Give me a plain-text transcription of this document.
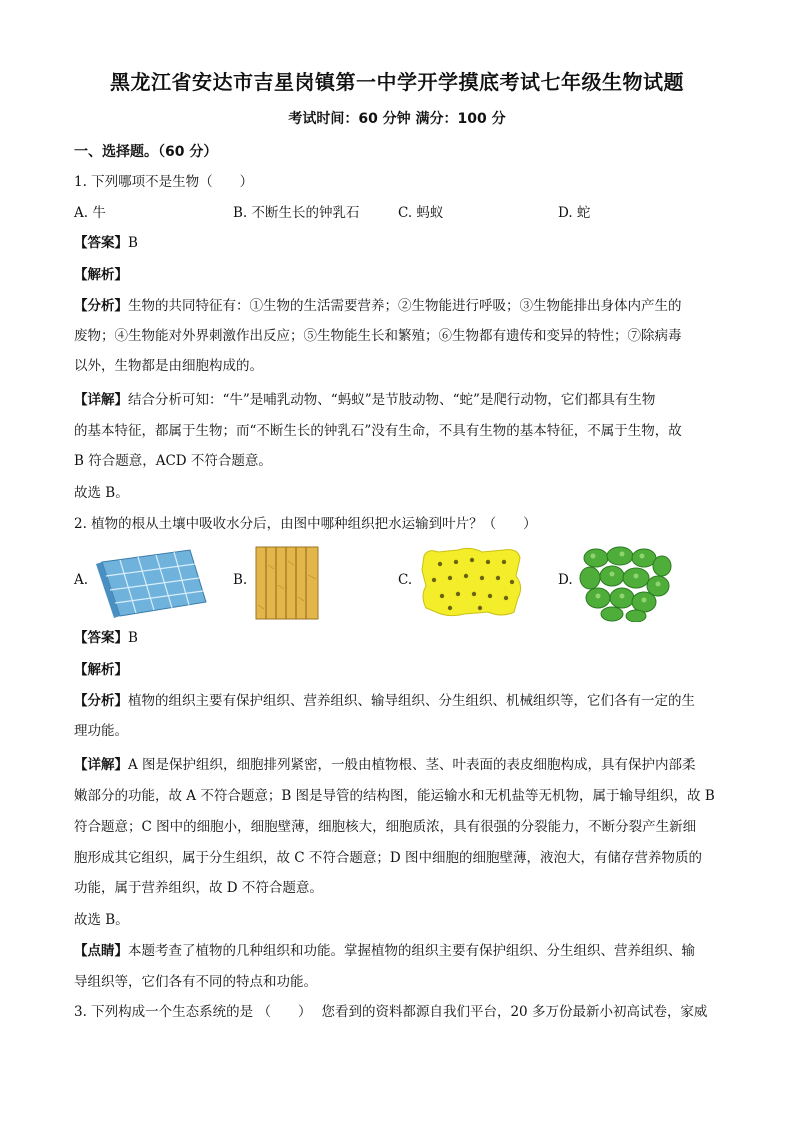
黑龙江省安达市吉星岗镇第一中学开学摸底考试七年级生物试题
考试时间：60 分钟 满分：100 分
一、选择题。（60 分）
1. 下列哪项不是生物（　　）
A. 牛	B. 不断生长的钟乳石	C. 蚂蚁	D. 蛇
【答案】B
【解析】
【分析】生物的共同特征有：①生物的生活需要营养；②生物能进行呼吸；③生物能排出身体内产生的
废物；④生物能对外界刺激作出反应；⑤生物能生长和繁殖；⑥生物都有遗传和变异的特性；⑦除病毒
以外，生物都是由细胞构成的。
【详解】结合分析可知：“牛”是哺乳动物、“蚂蚁”是节肢动物、“蛇”是爬行动物，它们都具有生物
的基本特征，都属于生物；而“不断生长的钟乳石”没有生命，不具有生物的基本特征，不属于生物，故
B 符合题意，ACD 不符合题意。
故选 B。
2. 植物的根从土壤中吸收水分后，由图中哪种组织把水运输到叶片？（　　）
A.	B.	C.	D.
【答案】B
【解析】
【分析】植物的组织主要有保护组织、营养组织、输导组织、分生组织、机械组织等，它们各有一定的生
理功能。
【详解】A 图是保护组织，细胞排列紧密，一般由植物根、茎、叶表面的表皮细胞构成，具有保护内部柔
嫩部分的功能，故 A 不符合题意；B 图是导管的结构图，能运输水和无机盐等无机物，属于输导组织，故 B
符合题意；C 图中的细胞小，细胞壁薄，细胞核大，细胞质浓，具有很强的分裂能力，不断分裂产生新细
胞形成其它组织，属于分生组织，故 C 不符合题意；D 图中细胞的细胞壁薄，液泡大，有储存营养物质的
功能，属于营养组织，故 D 不符合题意。
故选 B。
【点睛】本题考查了植物的几种组织和功能。掌握植物的组织主要有保护组织、分生组织、营养组织、输
导组织等，它们各有不同的特点和功能。
3. 下列构成一个生态系统的是 （　　） 您看到的资料都源自我们平台，20 多万份最新小初高试卷，家威
